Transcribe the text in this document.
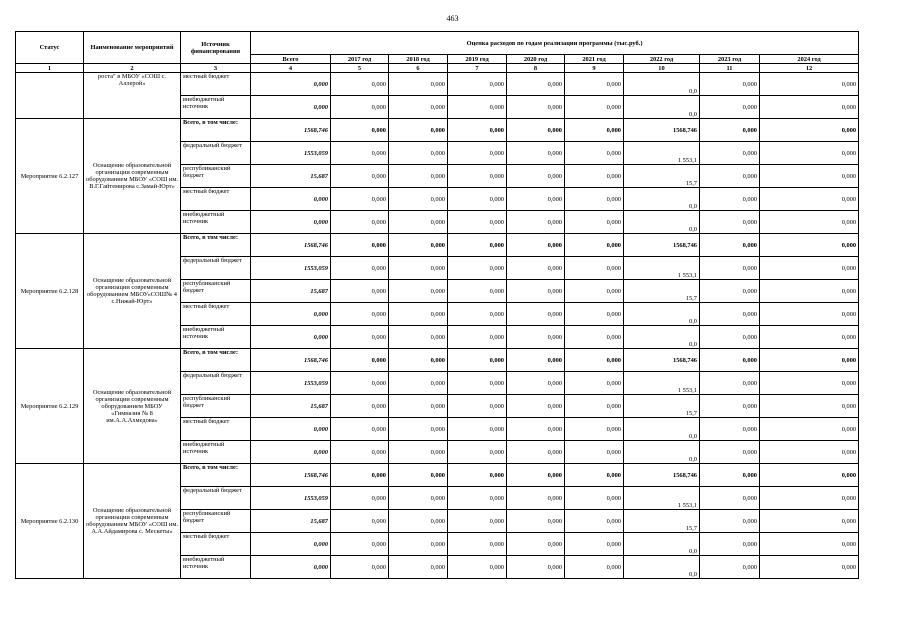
463
Статус	Наименование мероприятий	Источник финансирования	Оценка расходов по годам реализации программы (тыс.руб.)								
			Всего	2017 год	2018 год	2019 год	2020 год	2021 год	2022 год	2023 год	2024 год
1	2	3	4	5	6	7	8	9	10	11	12
	роста" в МБОУ «СОШ с. Аллерой»	местный бюджет	0,000	0,000	0,000	0,000	0,000	0,000	0,0	0,000	0,000
		внебюджетный источник	0,000	0,000	0,000	0,000	0,000	0,000	0,0	0,000	0,000
Мероприятие 6.2.127	Оснащение образовательной организации современным оборудованием МБОУ «СОШ им. В.Г.Гайтемирова с.Замай-Юрт»	Всего, в том числе:	1568,746	0,000	0,000	0,000	0,000	0,000	1568,746	0,000	0,000
		федеральный бюджет	1553,059	0,000	0,000	0,000	0,000	0,000	1 553,1	0,000	0,000
		республиканский бюджет	15,687	0,000	0,000	0,000	0,000	0,000	15,7	0,000	0,000
		местный бюджет	0,000	0,000	0,000	0,000	0,000	0,000	0,0	0,000	0,000
		внебюджетный источник	0,000	0,000	0,000	0,000	0,000	0,000	0,0	0,000	0,000
Мероприятие 6.2.128	Оснащение образовательной организации современным оборудованием МБОУ«СОШ№ 4 с.Нижай-Юрт»	Всего, в том числе:	1568,746	0,000	0,000	0,000	0,000	0,000	1568,746	0,000	0,000
		федеральный бюджет	1553,059	0,000	0,000	0,000	0,000	0,000	1 553,1	0,000	0,000
		республиканский бюджет	15,687	0,000	0,000	0,000	0,000	0,000	15,7	0,000	0,000
		местный бюджет	0,000	0,000	0,000	0,000	0,000	0,000	0,0	0,000	0,000
		внебюджетный источник	0,000	0,000	0,000	0,000	0,000	0,000	0,0	0,000	0,000
Мероприятие 6.2.129	Оснащение образовательной организации современным оборудованием МБОУ «Гимназия № 8 им.А.А.Ахмедова»	Всего, в том числе:	1568,746	0,000	0,000	0,000	0,000	0,000	1568,746	0,000	0,000
		федеральный бюджет	1553,059	0,000	0,000	0,000	0,000	0,000	1 553,1	0,000	0,000
		республиканский бюджет	15,687	0,000	0,000	0,000	0,000	0,000	15,7	0,000	0,000
		местный бюджет	0,000	0,000	0,000	0,000	0,000	0,000	0,0	0,000	0,000
		внебюджетный источник	0,000	0,000	0,000	0,000	0,000	0,000	0,0	0,000	0,000
Мероприятие 6.2.130	Оснащение образовательной организации современным оборудованием МБОУ «СОШ им. А.А.Айдамирова с. Мескеты»	Всего, в том числе:	1568,746	0,000	0,000	0,000	0,000	0,000	1568,746	0,000	0,000
		федеральный бюджет	1553,059	0,000	0,000	0,000	0,000	0,000	1 553,1	0,000	0,000
		республиканский бюджет	15,687	0,000	0,000	0,000	0,000	0,000	15,7	0,000	0,000
		местный бюджет	0,000	0,000	0,000	0,000	0,000	0,000	0,0	0,000	0,000
		внебюджетный источник	0,000	0,000	0,000	0,000	0,000	0,000	0,0	0,000	0,000
